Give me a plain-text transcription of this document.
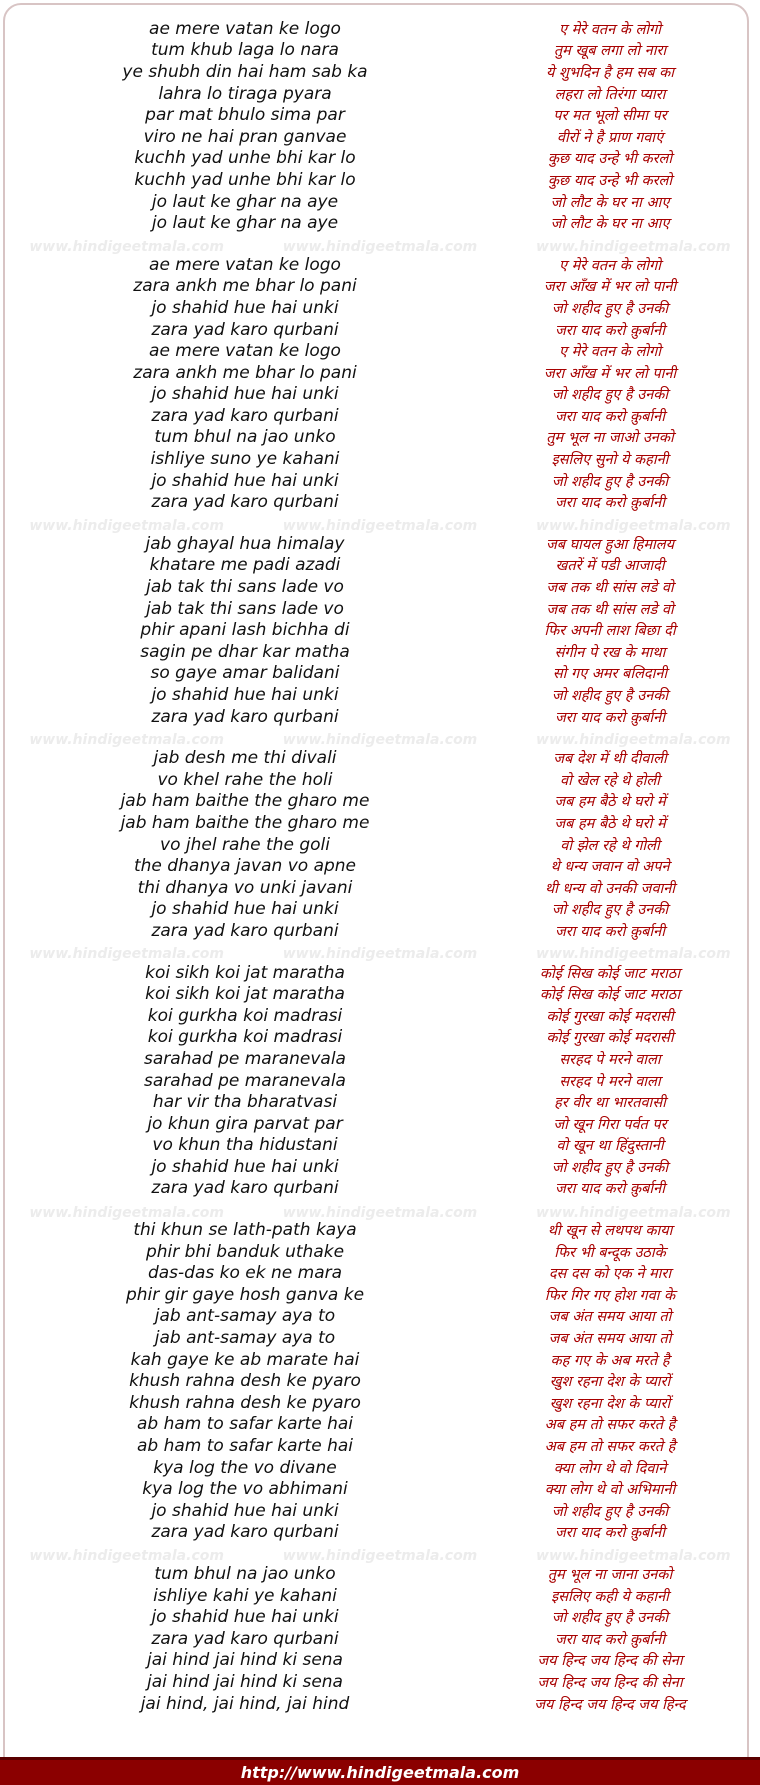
ae mere vatan ke logo	ए मेरे वतन के लोगो
tum khub laga lo nara	तुम खूब लगा लो नारा
ye shubh din hai ham sab ka	ये शुभदिन है हम सब का
lahra lo tiraga pyara	लहरा लो तिरंगा प्यारा
par mat bhulo sima par	पर मत भूलो सीमा पर
viro ne hai pran ganvae	वीरों ने है प्राण गवाएं
kuchh yad unhe bhi kar lo	कुछ याद उन्हे भी करलो
kuchh yad unhe bhi kar lo	कुछ याद उन्हे भी करलो
jo laut ke ghar na aye	जो लौट के घर ना आए
jo laut ke ghar na aye	जो लौट के घर ना आए
ae mere vatan ke logo	ए मेरे वतन के लोगो
zara ankh me bhar lo pani	जरा आँख में भर लो पानी
jo shahid hue hai unki	जो शहीद हुए है उनकी
zara yad karo qurbani	जरा याद करो क़ुर्बानी
ae mere vatan ke logo	ए मेरे वतन के लोगो
zara ankh me bhar lo pani	जरा आँख में भर लो पानी
jo shahid hue hai unki	जो शहीद हुए है उनकी
zara yad karo qurbani	जरा याद करो क़ुर्बानी
tum bhul na jao unko	तुम भूल ना जाओ उनको
ishliye suno ye kahani	इसलिए सुनो ये कहानी
jo shahid hue hai unki	जो शहीद हुए है उनकी
zara yad karo qurbani	जरा याद करो क़ुर्बानी
jab ghayal hua himalay	जब घायल हुआ हिमालय
khatare me padi azadi	खतरें में पडी आजादी
jab tak thi sans lade vo	जब तक थी सांस लडे वो
jab tak thi sans lade vo	जब तक थी सांस लडे वो
phir apani lash bichha di	फिर अपनी लाश बिछा दी
sagin pe dhar kar matha	संगीन पे रख के माथा
so gaye amar balidani	सो गए अमर बलिदानी
jo shahid hue hai unki	जो शहीद हुए है उनकी
zara yad karo qurbani	जरा याद करो क़ुर्बानी
jab desh me thi divali	जब देश में थी दीवाली
vo khel rahe the holi	वो खेल रहे थे होली
jab ham baithe the gharo me	जब हम बैठे थे घरो में
jab ham baithe the gharo me	जब हम बैठे थे घरो में
vo jhel rahe the goli	वो झेल रहे थे गोली
the dhanya javan vo apne	थे धन्य जवान वो अपने
thi dhanya vo unki javani	थी धन्य वो उनकी जवानी
jo shahid hue hai unki	जो शहीद हुए है उनकी
zara yad karo qurbani	जरा याद करो क़ुर्बानी
koi sikh koi jat maratha	कोई सिख कोई जाट मराठा
koi sikh koi jat maratha	कोई सिख कोई जाट मराठा
koi gurkha koi madrasi	कोई गुरखा कोई मदरासी
koi gurkha koi madrasi	कोई गुरखा कोई मदरासी
sarahad pe maranevala	सरहद पे मरने वाला
sarahad pe maranevala	सरहद पे मरने वाला
har vir tha bharatvasi	हर वीर था भारतवासी
jo khun gira parvat par	जो खून गिरा पर्वत पर
vo khun tha hidustani	वो खून था हिंदुस्तानी
jo shahid hue hai unki	जो शहीद हुए है उनकी
zara yad karo qurbani	जरा याद करो क़ुर्बानी
thi khun se lath-path kaya	थी खून से लथपथ काया
phir bhi banduk uthake	फिर भी बन्दूक उठाके
das-das ko ek ne mara	दस दस को एक ने मारा
phir gir gaye hosh ganva ke	फिर गिर गए होश गवा के
jab ant-samay aya to	जब अंत समय आया तो
jab ant-samay aya to	जब अंत समय आया तो
kah gaye ke ab marate hai	कह गए के अब मरते है
khush rahna desh ke pyaro	खुश रहना देश के प्यारों
khush rahna desh ke pyaro	खुश रहना देश के प्यारों
ab ham to safar karte hai	अब हम तो सफर करते है
ab ham to safar karte hai	अब हम तो सफर करते है
kya log the vo divane	क्या लोग थे वो दिवाने
kya log the vo abhimani	क्या लोग थे वो अभिमानी
jo shahid hue hai unki	जो शहीद हुए है उनकी
zara yad karo qurbani	जरा याद करो क़ुर्बानी
tum bhul na jao unko	तुम भूल ना जाना उनको
ishliye kahi ye kahani	इसलिए कही ये कहानी
jo shahid hue hai unki	जो शहीद हुए है उनकी
zara yad karo qurbani	जरा याद करो क़ुर्बानी
jai hind jai hind ki sena	जय हिन्द जय हिन्द की सेना
jai hind jai hind ki sena	जय हिन्द जय हिन्द की सेना
jai hind, jai hind, jai hind	जय हिन्द जय हिन्द जय हिन्द
http://www.hindigeetmala.com
www.hindigeetmala.com	www.hindigeetmala.com	www.hindigeetmala.com
www.hindigeetmala.com	www.hindigeetmala.com	www.hindigeetmala.com
www.hindigeetmala.com	www.hindigeetmala.com	www.hindigeetmala.com
www.hindigeetmala.com	www.hindigeetmala.com	www.hindigeetmala.com
www.hindigeetmala.com	www.hindigeetmala.com	www.hindigeetmala.com
www.hindigeetmala.com	www.hindigeetmala.com	www.hindigeetmala.com
